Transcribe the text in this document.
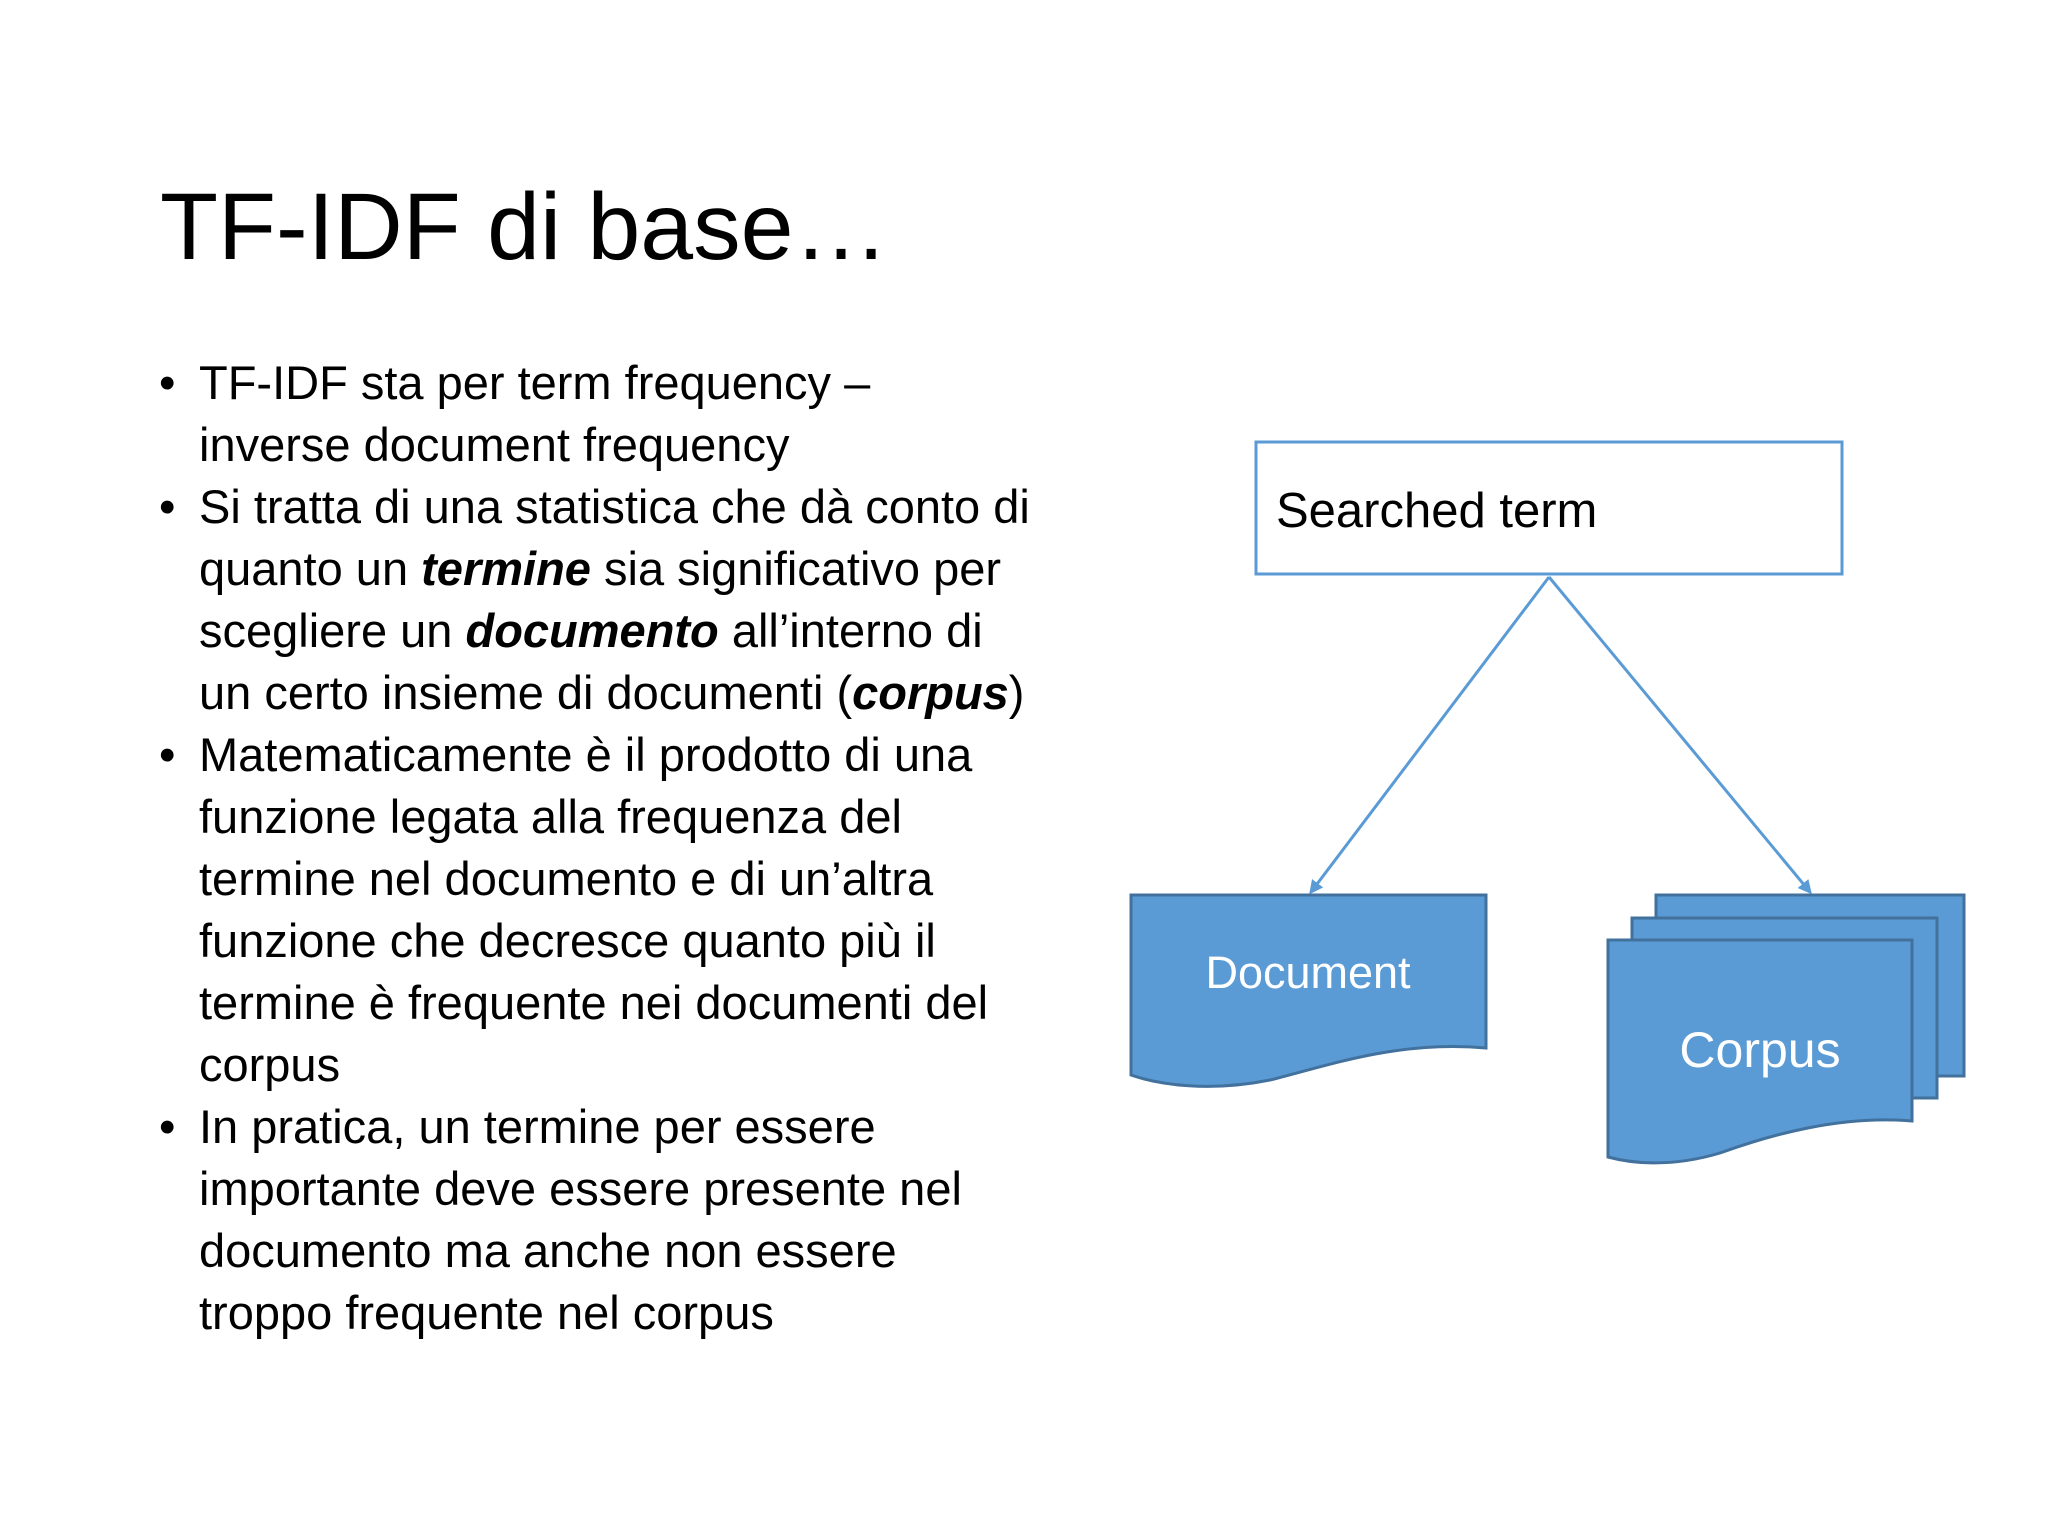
TF-IDF di base…
• TF-IDF sta per term frequency – inverse document frequency
• Si tratta di una statistica che dà conto di quanto un termine sia significativo per scegliere un documento all’interno di un certo insieme di documenti (corpus)
• Matematicamente è il prodotto di una funzione legata alla frequenza del termine nel documento e di un’altra funzione che decresce quanto più il termine è frequente nei documenti del corpus
• In pratica, un termine per essere importante deve essere presente nel documento ma anche non essere troppo frequente nel corpus
Searched term
Document
Corpus
